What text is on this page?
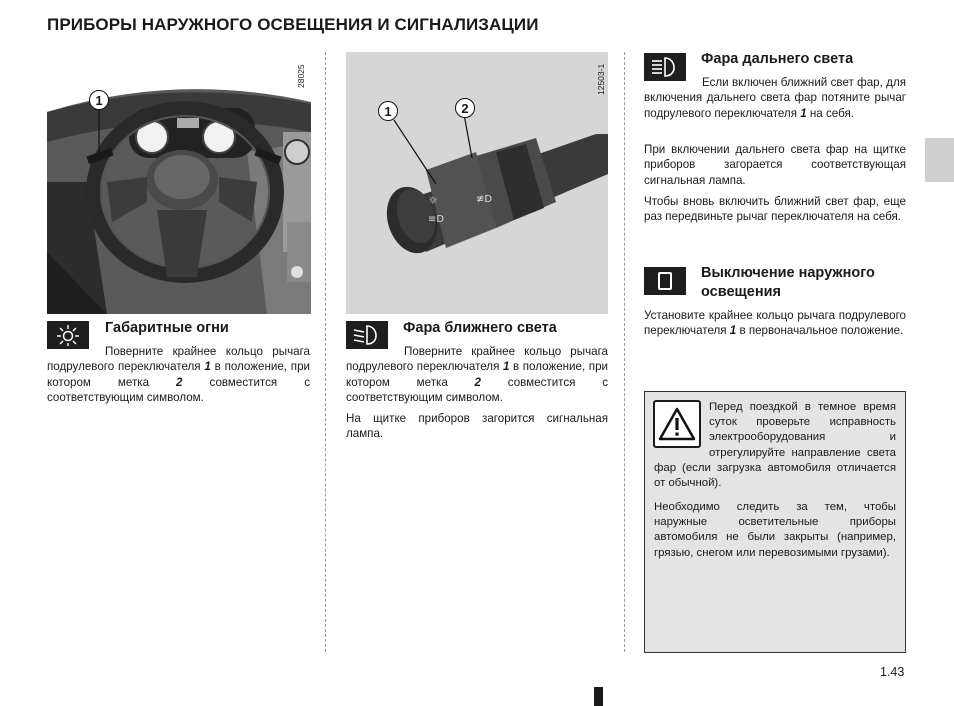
ПРИБОРЫ НАРУЖНОГО ОСВЕЩЕНИЯ И СИГНАЛИЗАЦИИ
1
28025
☼
≡D
≢D
1	2
12503-1
Габаритные огни
Поверните крайнее кольцо рычага подрулевого переключателя 1 в положение, при котором метка 2 совместится с соответствующим символом.
Фара ближнего света
Поверните крайнее кольцо рычага подрулевого переключателя 1 в положение, при котором метка 2 совместится с соответствующим символом.
На щитке приборов загорится сигнальная лампа.
Фара дальнего света
Если включен ближний свет фар, для включения дальнего света фар потяните рычаг подрулевого переключателя 1 на себя.
При включении дальнего света фар на щитке приборов загорается соответствующая сигнальная лампа.
Чтобы вновь включить ближний свет фар, еще раз передвиньте рычаг переключателя на себя.
Выключение наружного освещения
Установите крайнее кольцо рычага подрулевого переключателя 1 в первоначальное положение.
Перед поездкой в темное время суток проверьте исправность электрооборудования и отрегулируйте направление света фар (если загрузка автомобиля отличается от обычной).
Необходимо следить за тем, чтобы наружные осветительные приборы автомобиля не были закрыты (например, грязью, снегом или перевозимыми грузами).
1.43
